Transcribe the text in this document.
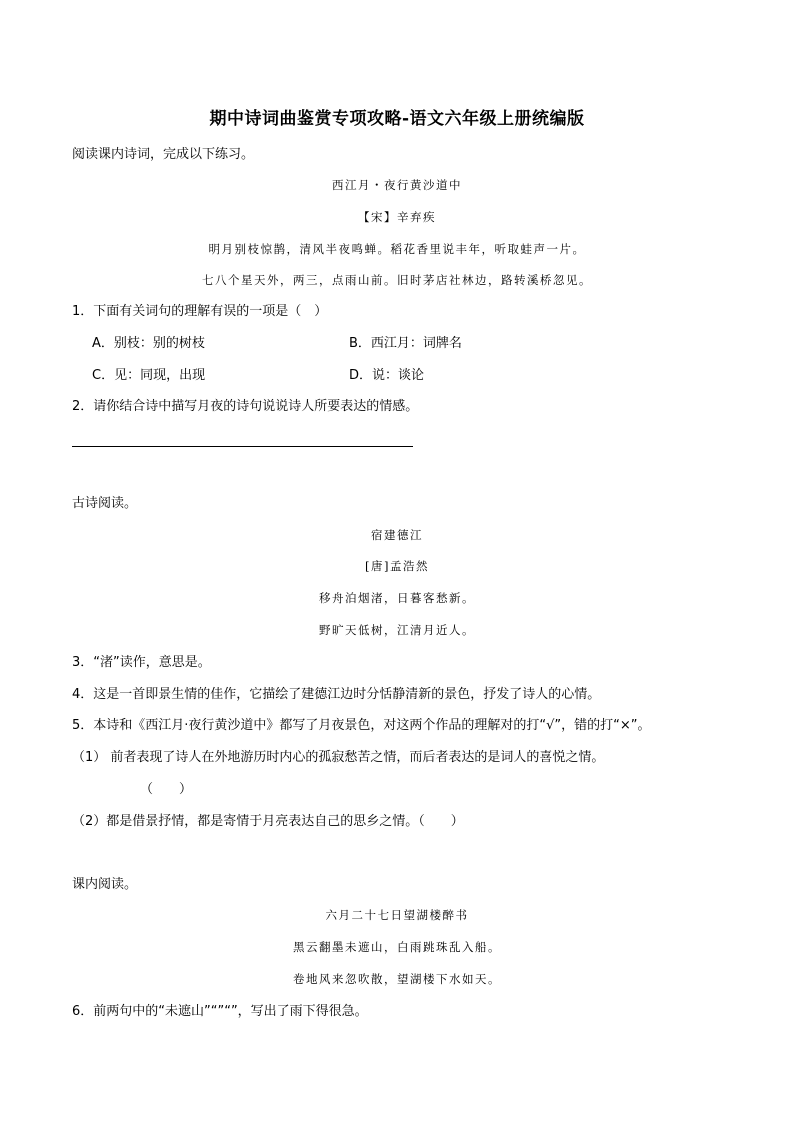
期中诗词曲鉴赏专项攻略-语文六年级上册统编版
阅读课内诗词，完成以下练习。
西江月・夜行黄沙道中
【宋】辛弃疾
明月别枝惊鹊，清风半夜鸣蝉。稻花香里说丰年，听取蛙声一片。
七八个星天外，两三，点雨山前。旧时茅店社林边，路转溪桥忽见。
1．下面有关词句的理解有误的一项是（　）
A．别枝：别的树枝	B．西江月：词牌名
C．见：同现，出现	D．说：谈论
2．请你结合诗中描写月夜的诗句说说诗人所要表达的情感。
古诗阅读。
宿建德江
[唐]孟浩然
移舟泊烟渚，日暮客愁新。
野旷天低树，江清月近人。
3．“渚”读作，意思是。
4．这是一首即景生情的佳作，它描绘了建德江边时分恬静清新的景色，抒发了诗人的心情。
5．本诗和《西江月·夜行黄沙道中》都写了月夜景色，对这两个作品的理解对的打“√”，错的打“×”。
（1） 前者表现了诗人在外地游历时内心的孤寂愁苦之情，而后者表达的是词人的喜悦之情。
（　　）
（2）都是借景抒情，都是寄情于月亮表达自己的思乡之情。（　　）
课内阅读。
六月二十七日望湖楼醉书
黑云翻墨未遮山，白雨跳珠乱入船。
卷地风来忽吹散，望湖楼下水如天。
6．前两句中的“未遮山”“”“”，写出了雨下得很急。
